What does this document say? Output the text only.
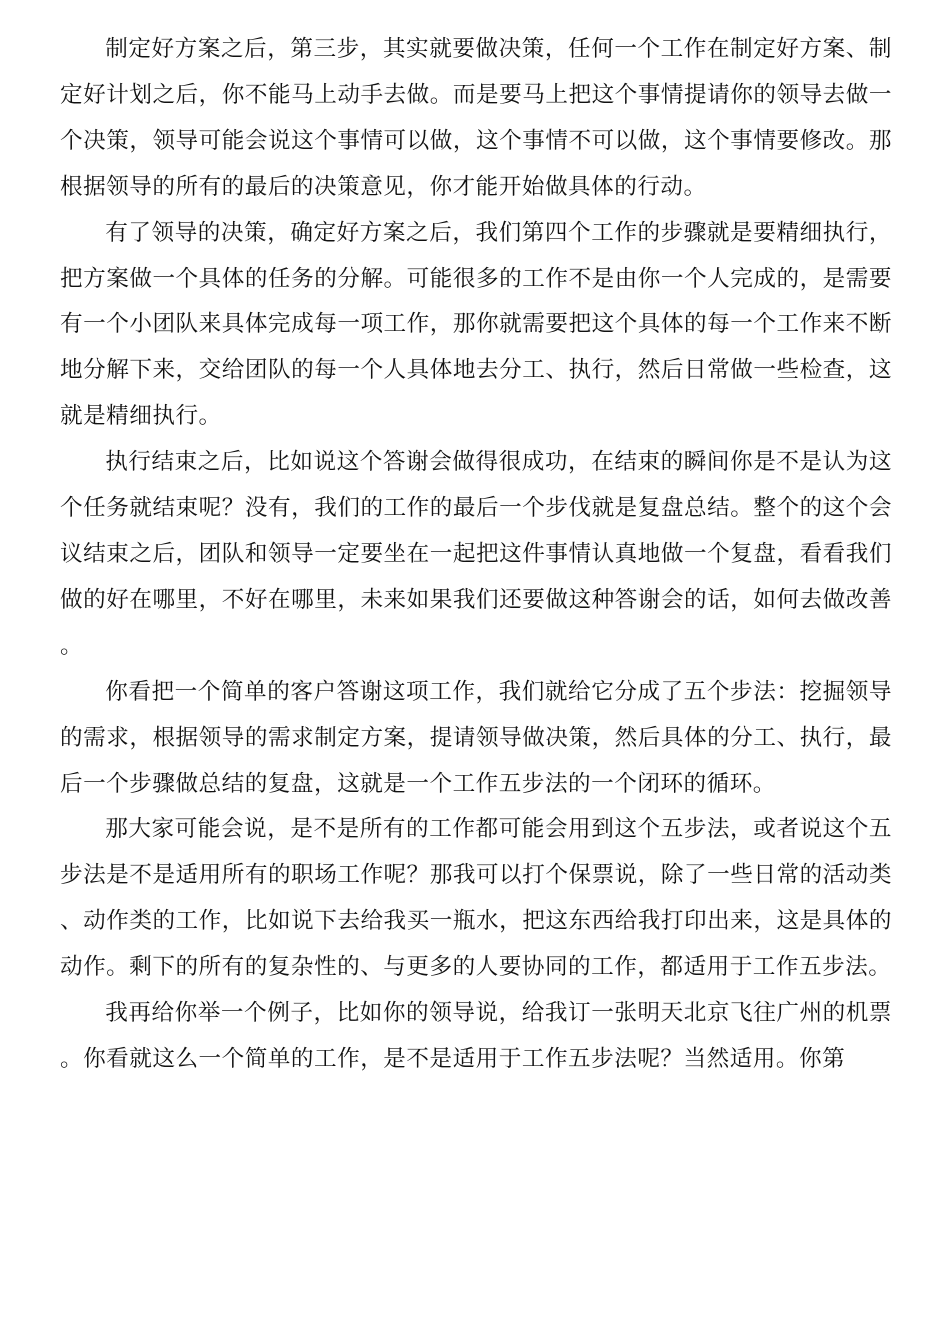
制定好方案之后，第三步，其实就要做决策，任何一个工作在制定好方案、制定好计划之后，你不能马上动手去做。而是要马上把这个事情提请你的领导去做一个决策，领导可能会说这个事情可以做，这个事情不可以做，这个事情要修改。那根据领导的所有的最后的决策意见，你才能开始做具体的行动。

有了领导的决策，确定好方案之后，我们第四个工作的步骤就是要精细执行，把方案做一个具体的任务的分解。可能很多的工作不是由你一个人完成的，是需要有一个小团队来具体完成每一项工作，那你就需要把这个具体的每一个工作来不断地分解下来，交给团队的每一个人具体地去分工、执行，然后日常做一些检查，这就是精细执行。

执行结束之后，比如说这个答谢会做得很成功，在结束的瞬间你是不是认为这个任务就结束呢？没有，我们的工作的最后一个步伐就是复盘总结。整个的这个会议结束之后，团队和领导一定要坐在一起把这件事情认真地做一个复盘，看看我们做的好在哪里，不好在哪里，未来如果我们还要做这种答谢会的话，如何去做改善。

你看把一个简单的客户答谢这项工作，我们就给它分成了五个步法：挖掘领导的需求，根据领导的需求制定方案，提请领导做决策，然后具体的分工、执行，最后一个步骤做总结的复盘，这就是一个工作五步法的一个闭环的循环。

那大家可能会说，是不是所有的工作都可能会用到这个五步法，或者说这个五步法是不是适用所有的职场工作呢？那我可以打个保票说，除了一些日常的活动类、动作类的工作，比如说下去给我买一瓶水，把这东西给我打印出来，这是具体的动作。剩下的所有的复杂性的、与更多的人要协同的工作，都适用于工作五步法。

我再给你举一个例子，比如你的领导说，给我订一张明天北京飞往广州的机票。你看就这么一个简单的工作，是不是适用于工作五步法呢？当然适用。你第
